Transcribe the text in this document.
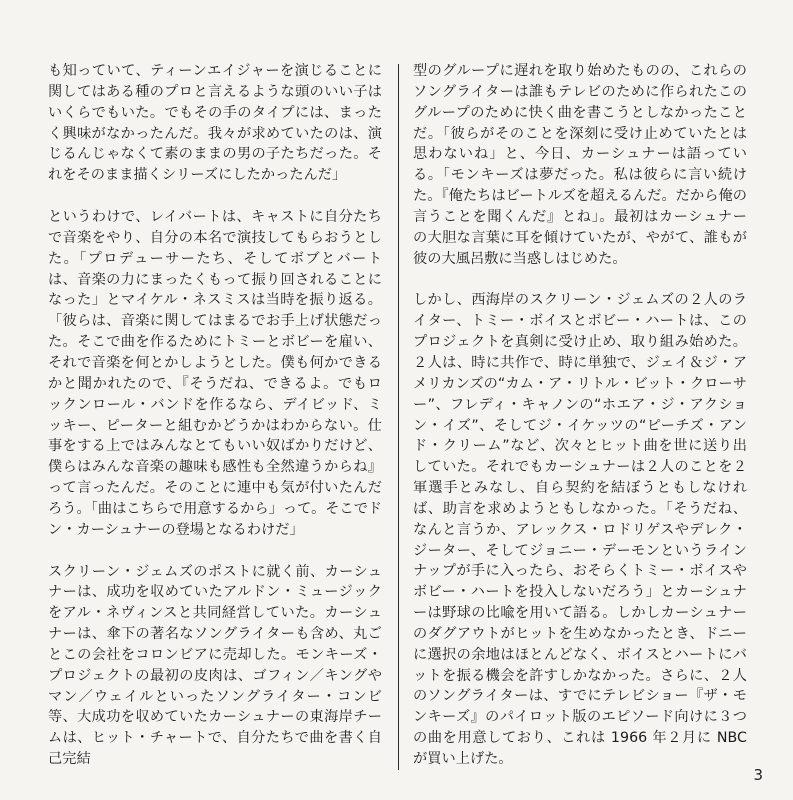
も知っていて、ティーンエイジャーを演じることに関してはある種のプロと言えるような頭のいい子はいくらでもいた。でもその手のタイプには、まったく興味がなかったんだ。我々が求めていたのは、演じるんじゃなくて素のままの男の子たちだった。それをそのまま描くシリーズにしたかったんだ」

というわけで、レイバートは、キャストに自分たちで音楽をやり、自分の本名で演技してもらおうとした。「プロデューサーたち、そしてボブとバートは、音楽の力にまったくもって振り回されることになった」とマイケル・ネスミスは当時を振り返る。「彼らは、音楽に関してはまるでお手上げ状態だった。そこで曲を作るためにトミーとボビーを雇い、それで音楽を何とかしようとした。僕も何かできるかと聞かれたので、『そうだね、できるよ。でもロックンロール・バンドを作るなら、デイビッド、ミッキー、ピーターと組むかどうかはわからない。仕事をする上ではみんなとてもいい奴ばかりだけど、僕らはみんな音楽の趣味も感性も全然違うからね』って言ったんだ。そのことに連中も気が付いたんだろう。「曲はこちらで用意するから」って。そこでドン・カーシュナーの登場となるわけだ」

スクリーン・ジェムズのポストに就く前、カーシュナーは、成功を収めていたアルドン・ミュージックをアル・ネヴィンスと共同経営していた。カーシュナーは、傘下の著名なソングライターも含め、丸ごとこの会社をコロンビアに売却した。モンキーズ・プロジェクトの最初の皮肉は、ゴフィン／キングやマン／ウェイルといったソングライター・コンビ等、大成功を収めていたカーシュナーの東海岸チームは、ヒット・チャートで、自分たちで曲を書く自己完結

型のグループに遅れを取り始めたものの、これらのソングライターは誰もテレビのために作られたこのグループのために快く曲を書こうとしなかったことだ。「彼らがそのことを深刻に受け止めていたとは思わないね」と、今日、カーシュナーは語っている。「モンキーズは夢だった。私は彼らに言い続けた。『俺たちはビートルズを超えるんだ。だから俺の言うことを聞くんだ』とね」。最初はカーシュナーの大胆な言葉に耳を傾けていたが、やがて、誰もが彼の大風呂敷に当惑しはじめた。

しかし、西海岸のスクリーン・ジェムズの２人のライター、トミー・ボイスとボビー・ハートは、このプロジェクトを真剣に受け止め、取り組み始めた。２人は、時に共作で、時に単独で、ジェイ＆ジ・アメリカンズの“カム・ア・リトル・ビット・クローサー”、フレディ・キャノンの“ホエア・ジ・アクション・イズ”、そしてジ・イケッツの“ピーチズ・アンド・クリーム”など、次々とヒット曲を世に送り出していた。それでもカーシュナーは２人のことを２軍選手とみなし、自ら契約を結ぼうともしなければ、助言を求めようともしなかった。「そうだね、なんと言うか、アレックス・ロドリゲスやデレク・ジーター、そしてジョニー・デーモンというラインナップが手に入ったら、おそらくトミー・ボイスやボビー・ハートを投入しないだろう」とカーシュナーは野球の比喩を用いて語る。しかしカーシュナーのダグアウトがヒットを生めなかったとき、ドニーに選択の余地はほとんどなく、ボイスとハートにバットを振る機会を許すしかなかった。さらに、２人のソングライターは、すでにテレビショー『ザ・モンキーズ』のパイロット版のエピソード向けに３つの曲を用意しており、これは 1966 年２月に NBC が買い上げた。

3
